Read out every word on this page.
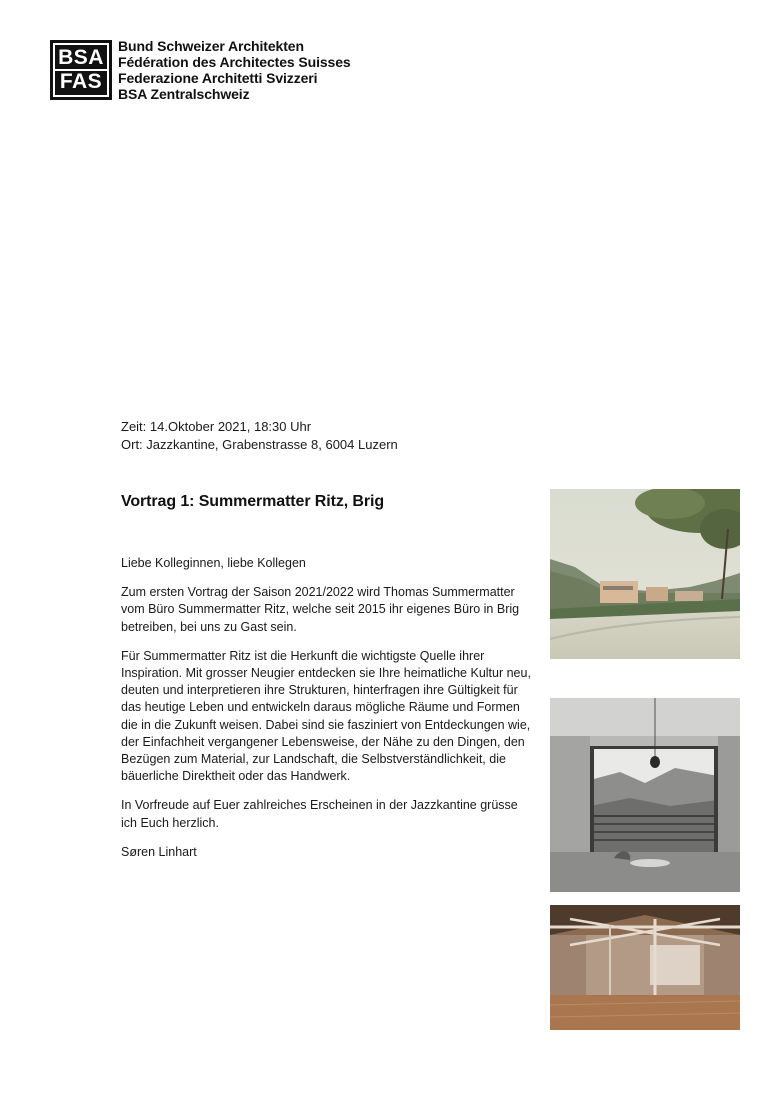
BSA
FAS
Bund Schweizer Architekten
Fédération des Architectes Suisses
Federazione Architetti Svizzeri
BSA Zentralschweiz
Zeit: 14.Oktober 2021, 18:30 Uhr
Ort: Jazzkantine, Grabenstrasse 8, 6004 Luzern
Vortrag 1: Summermatter Ritz, Brig

Liebe Kolleginnen, liebe Kollegen

Zum ersten Vortrag der Saison 2021/2022 wird Thomas Summermatter vom Büro Summermatter Ritz, welche seit 2015 ihr eigenes Büro in Brig betreiben, bei uns zu Gast sein.

Für Summermatter Ritz ist die Herkunft die wichtigste Quelle ihrer Inspiration. Mit grosser Neugier entdecken sie Ihre heimatliche Kultur neu, deuten und interpretieren ihre Strukturen, hinterfragen ihre Gültigkeit für das heutige Leben und entwickeln daraus mögliche Räume und Formen die in die Zukunft weisen. Dabei sind sie fasziniert von Entdeckungen wie, der Einfachheit vergangener Lebensweise, der Nähe zu den Dingen, den Bezügen zum Material, zur Landschaft, die Selbstverständlichkeit, die bäuerliche Direktheit oder das Handwerk.

In Vorfreude auf Euer zahlreiches Erscheinen in der Jazzkantine grüsse ich Euch herzlich.

Søren Linhart
